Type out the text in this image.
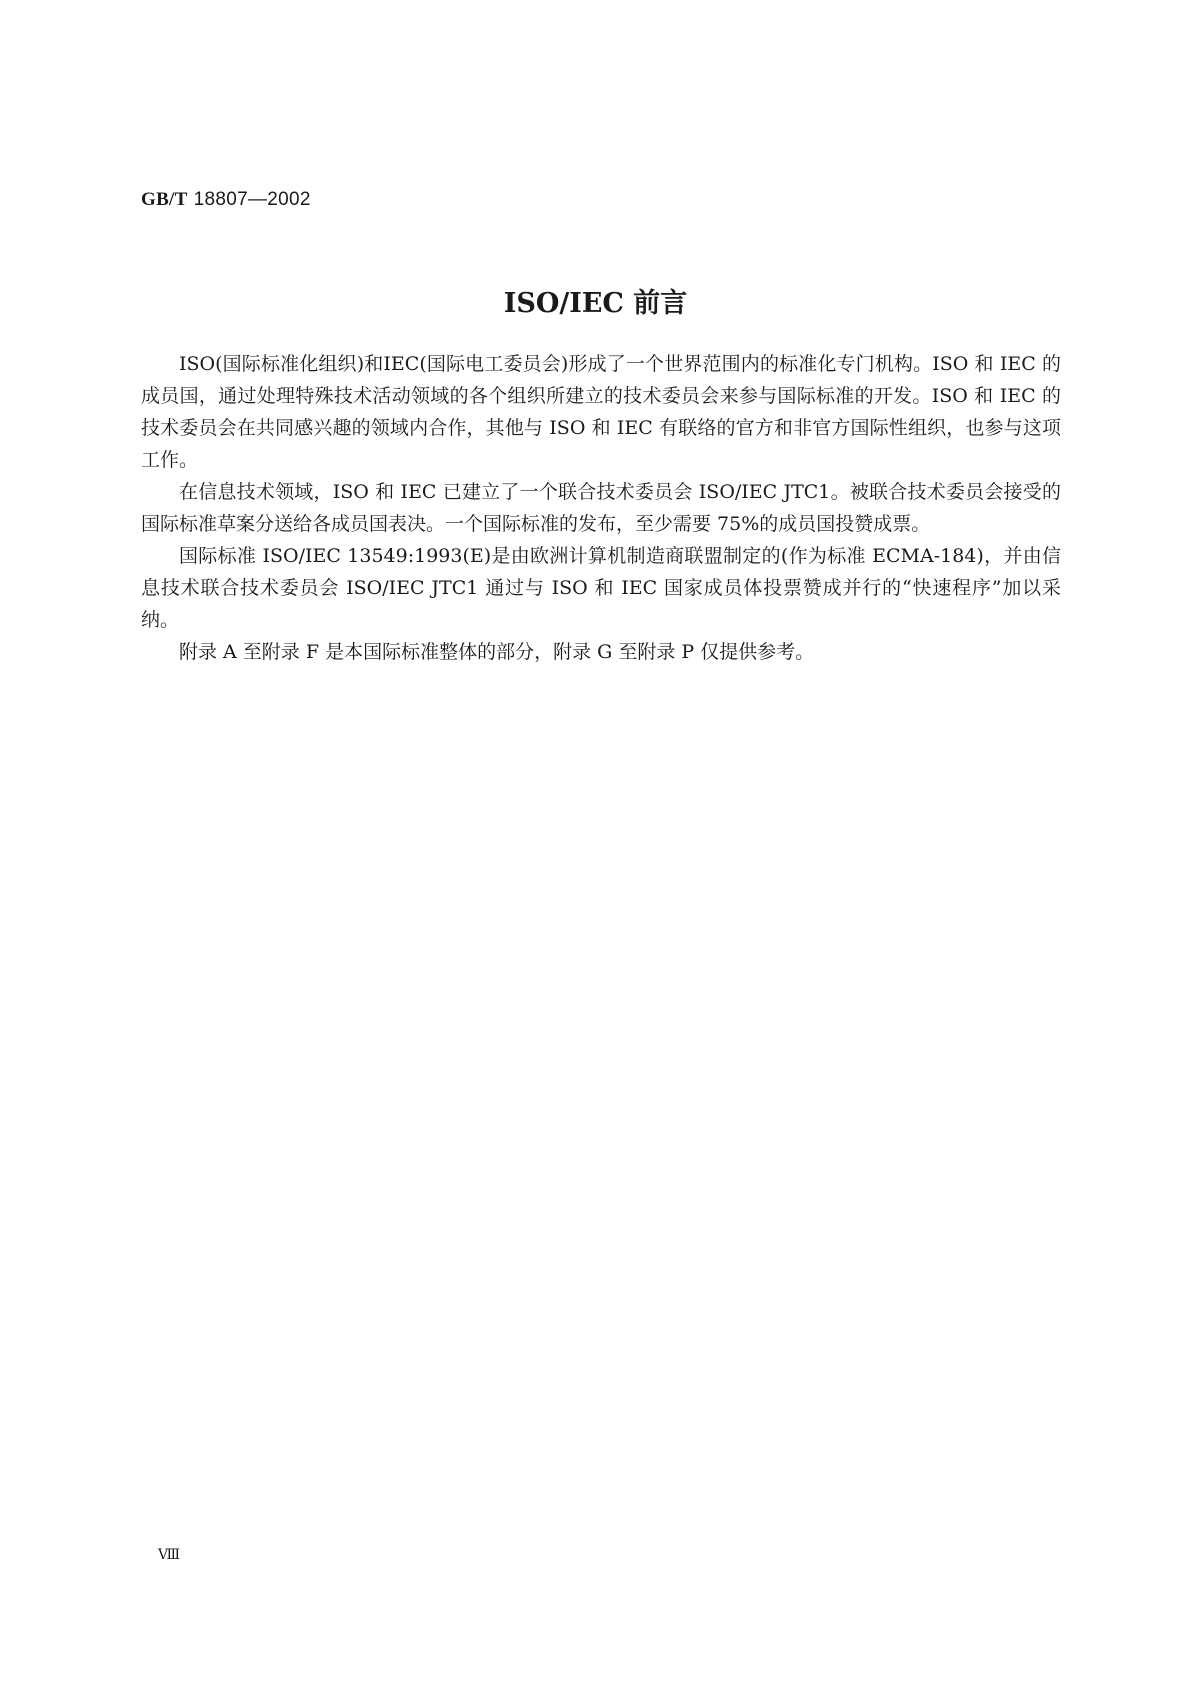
GB/T 18807—2002
ISO/IEC 前言

ISO(国际标准化组织)和IEC(国际电工委员会)形成了一个世界范围内的标准化专门机构。ISO 和 IEC 的成员国，通过处理特殊技术活动领域的各个组织所建立的技术委员会来参与国际标准的开发。ISO 和 IEC 的技术委员会在共同感兴趣的领域内合作，其他与 ISO 和 IEC 有联络的官方和非官方国际性组织，也参与这项工作。

在信息技术领域，ISO 和 IEC 已建立了一个联合技术委员会 ISO/IEC JTC1。被联合技术委员会接受的国际标准草案分送给各成员国表决。一个国际标准的发布，至少需要 75%的成员国投赞成票。

国际标准 ISO/IEC 13549:1993(E)是由欧洲计算机制造商联盟制定的(作为标准 ECMA-184)，并由信息技术联合技术委员会 ISO/IEC JTC1 通过与 ISO 和 IEC 国家成员体投票赞成并行的“快速程序”加以采纳。

附录 A 至附录 F 是本国际标准整体的部分，附录 G 至附录 P 仅提供参考。

Ⅷ
